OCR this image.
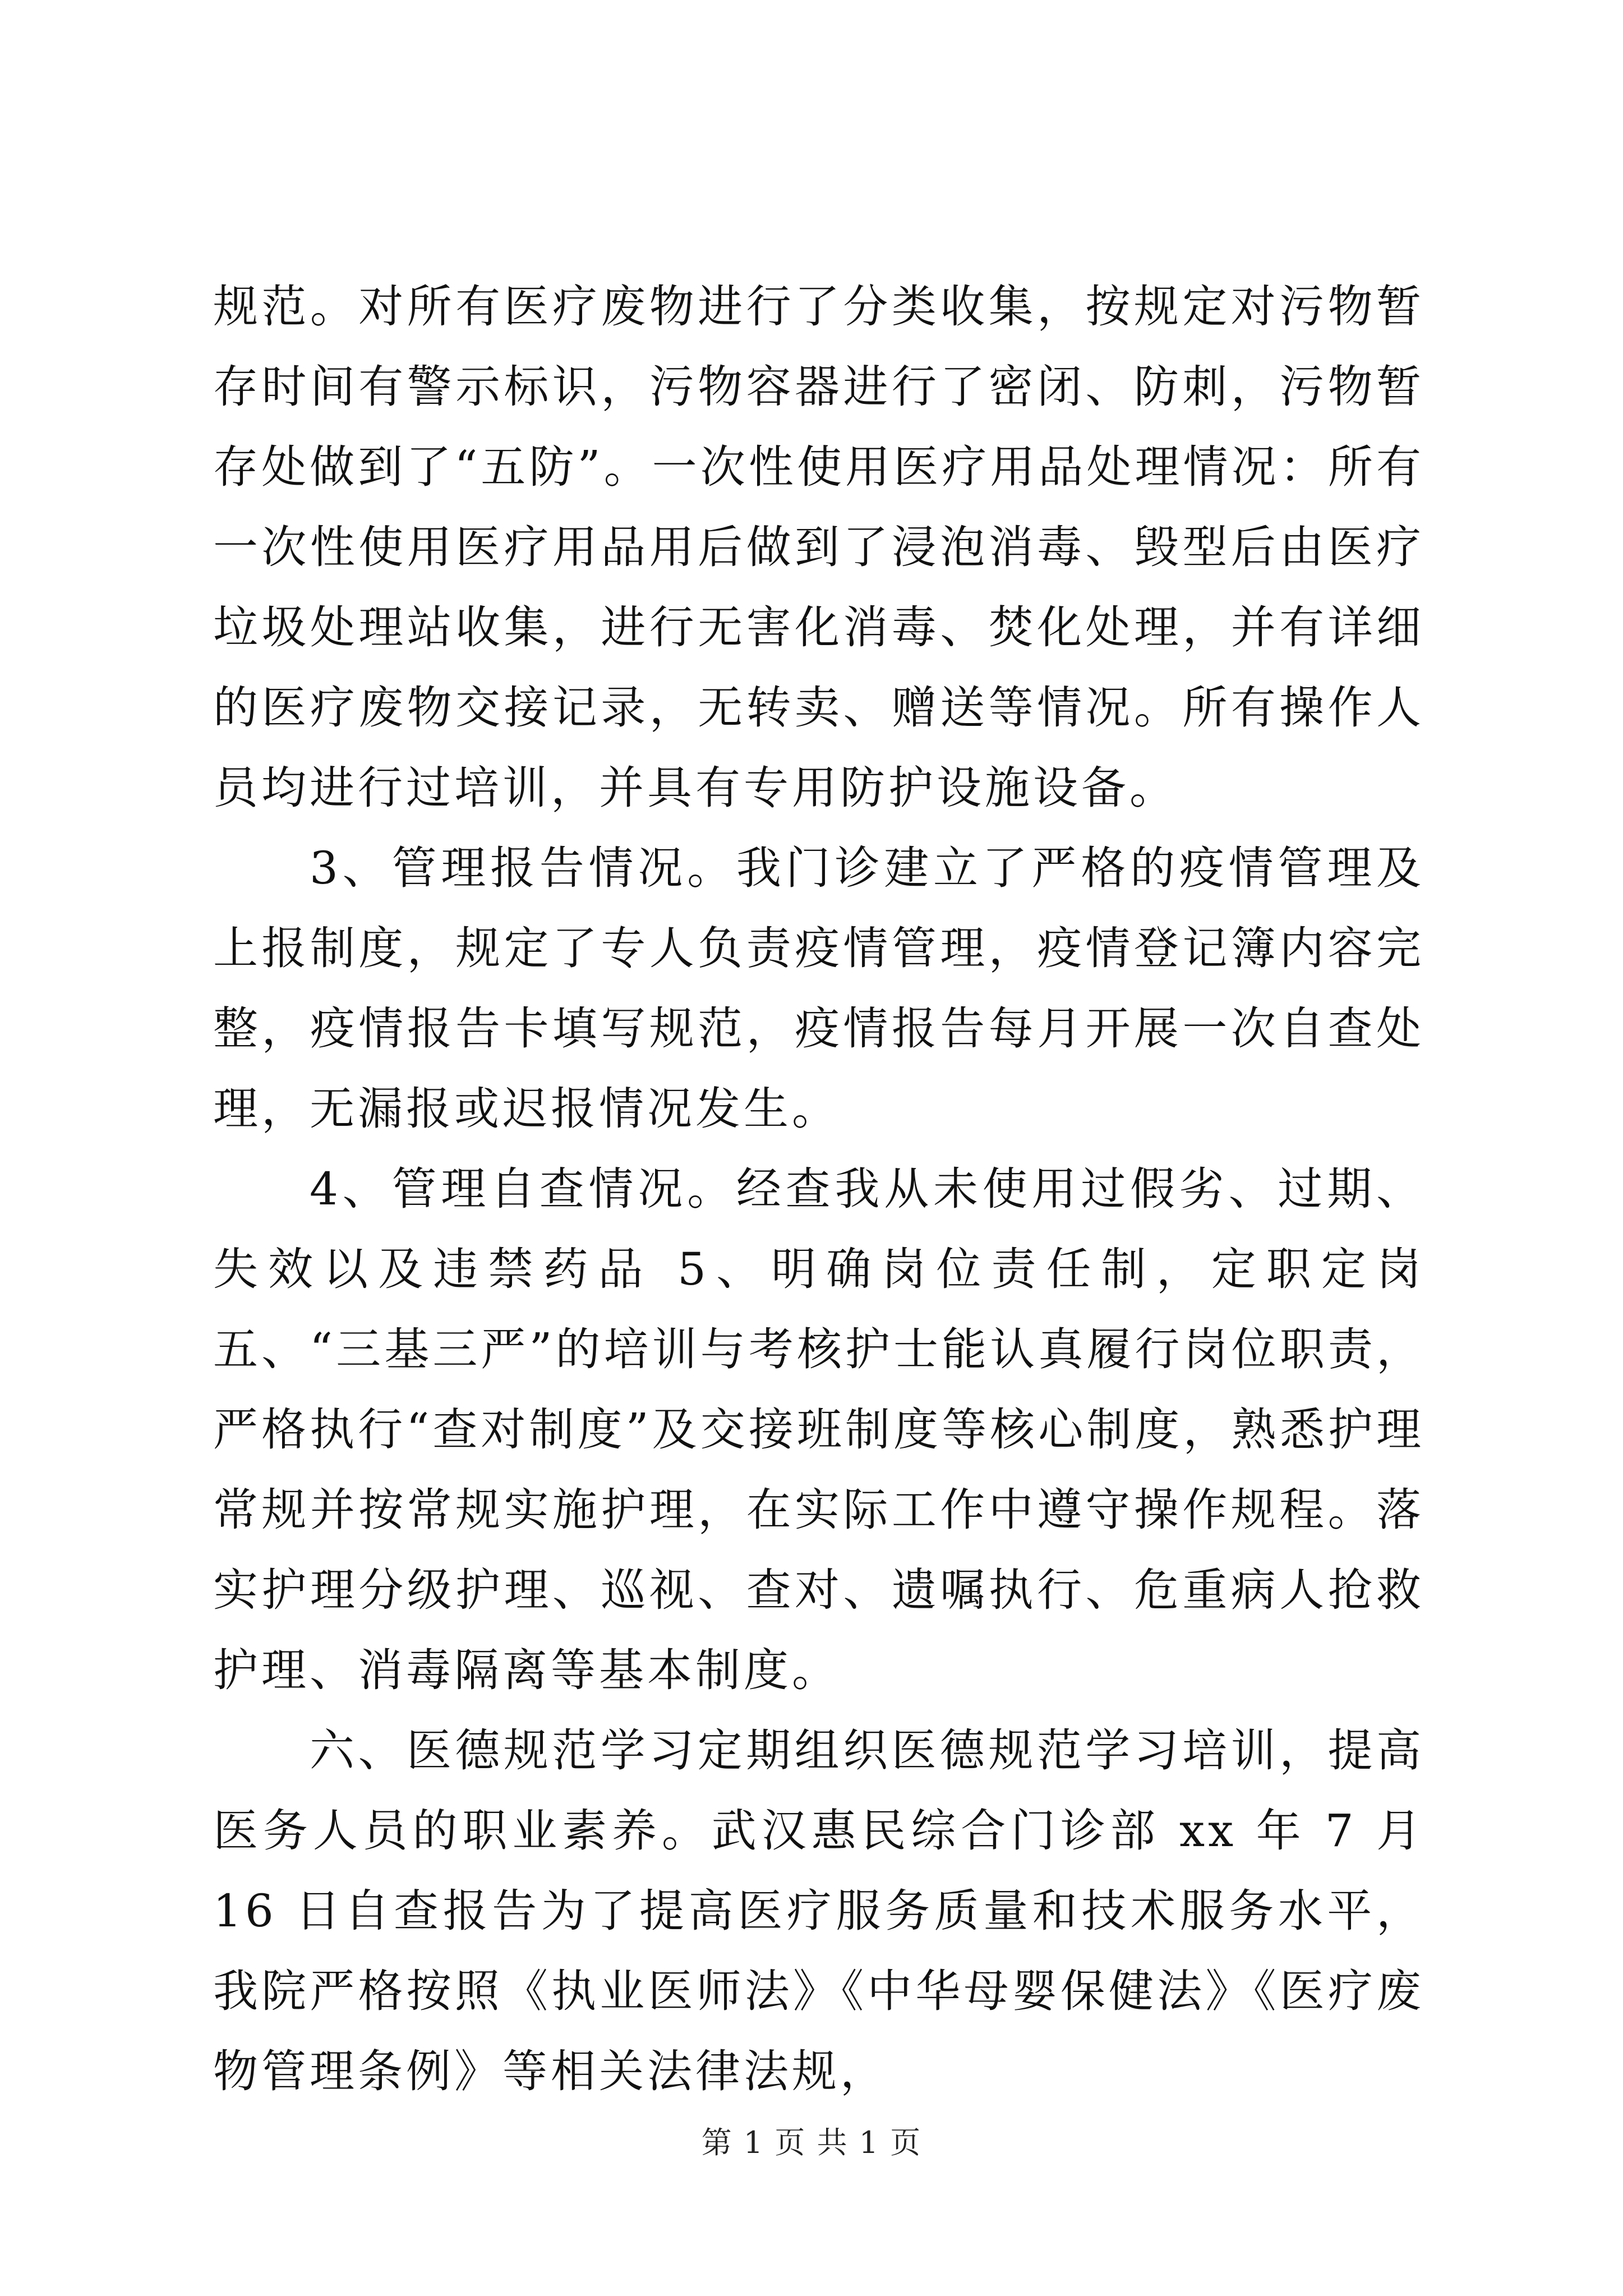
规范。对所有医疗废物进行了分类收集，按规定对污物暂存时间有警示标识，污物容器进行了密闭、防刺，污物暂存处做到了“五防”。一次性使用医疗用品处理情况：所有一次性使用医疗用品用后做到了浸泡消毒、毁型后由医疗垃圾处理站收集，进行无害化消毒、焚化处理，并有详细的医疗废物交接记录，无转卖、赠送等情况。所有操作人员均进行过培训，并具有专用防护设施设备。

3、管理报告情况。我门诊建立了严格的疫情管理及上报制度，规定了专人负责疫情管理，疫情登记簿内容完整，疫情报告卡填写规范，疫情报告每月开展一次自查处理，无漏报或迟报情况发生。

4、管理自查情况。经查我从未使用过假劣、过期、失效以及违禁药品 5、明确岗位责任制，定职定岗五、“三基三严”的培训与考核护士能认真履行岗位职责，严格执行“查对制度”及交接班制度等核心制度，熟悉护理常规并按常规实施护理，在实际工作中遵守操作规程。落实护理分级护理、巡视、查对、遗嘱执行、危重病人抢救护理、消毒隔离等基本制度。

六、医德规范学习定期组织医德规范学习培训，提高医务人员的职业素养。武汉惠民综合门诊部 xx 年 7 月 16 日自查报告为了提高医疗服务质量和技术服务水平，我院严格按照《执业医师法》《中华母婴保健法》《医疗废物管理条例》等相关法律法规，

第 1 页 共 1 页
